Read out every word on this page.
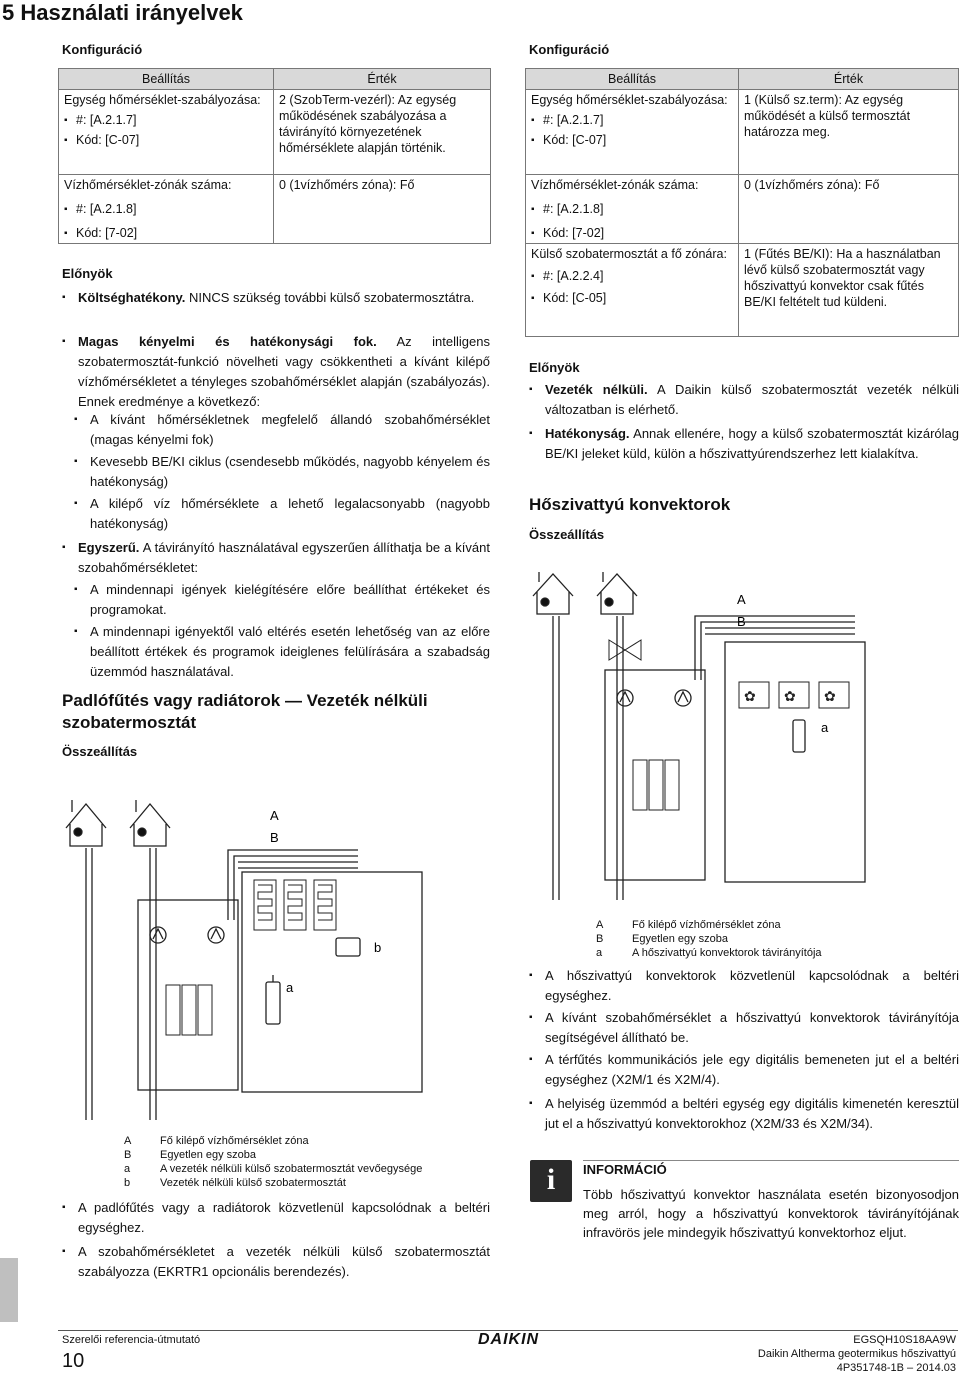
5 Használati irányelvek
Konfiguráció
Beállítás	Érték
Egység hőmérséklet-szabályozása:
▪ #: [A.2.1.7]
▪ Kód: [C-07]	2 (SzobTerm-vezérl): Az egység működésének szabályozása a távirányító környezetének hőmérséklete alapján történik.
Vízhőmérséklet-zónák száma:
▪ #: [A.2.1.8]
▪ Kód: [7-02]	0 (1vízhőmérs zóna): Fő
Előnyök
▪ Költséghatékony. NINCS szükség további külső szobatermosztátra.
▪ Magas kényelmi és hatékonysági fok. Az intelligens szobatermosztát-funkció növelheti vagy csökkentheti a kívánt kilépő vízhőmérsékletet a tényleges szobahőmérséklet alapján (szabályozás). Ennek eredménye a következő:
▪ A kívánt hőmérsékletnek megfelelő állandó szobahőmérséklet (magas kényelmi fok)
▪ Kevesebb BE/KI ciklus (csendesebb működés, nagyobb kényelem és hatékonyság)
▪ A kilépő víz hőmérséklete a lehető legalacsonyabb (nagyobb hatékonyság)
▪ Egyszerű. A távirányító használatával egyszerűen állíthatja be a kívánt szobahőmérsékletet:
▪ A mindennapi igények kielégítésére előre beállíthat értékeket és programokat.
▪ A mindennapi igényektől való eltérés esetén lehetőség van az előre beállított értékek és programok ideiglenes felülírására a szabadság üzemmód használatával.
Padlófűtés vagy radiátorok — Vezeték nélküli szobatermosztát
Összeállítás
A
B
b
a
A	Fő kilépő vízhőmérséklet zóna
B	Egyetlen egy szoba
a	A vezeték nélküli külső szobatermosztát vevőegysége
b	Vezeték nélküli külső szobatermosztát
▪ A padlófűtés vagy a radiátorok közvetlenül kapcsolódnak a beltéri egységhez.
▪ A szobahőmérsékletet a vezeték nélküli külső szobatermosztát szabályozza (EKRTR1 opcionális berendezés).
Konfiguráció
Beállítás	Érték
Egység hőmérséklet-szabályozása:
▪ #: [A.2.1.7]
▪ Kód: [C-07]	1 (Külső sz.term): Az egység működését a külső termosztát határozza meg.
Vízhőmérséklet-zónák száma:
▪ #: [A.2.1.8]
▪ Kód: [7-02]	0 (1vízhőmérs zóna): Fő
Külső szobatermosztát a fő zónára:
▪ #: [A.2.2.4]
▪ Kód: [C-05]	1 (Fűtés BE/KI): Ha a használatban lévő külső szobatermosztát vagy hőszivattyú konvektor csak fűtés BE/KI feltételt tud küldeni.
Előnyök
▪ Vezeték nélküli. A Daikin külső szobatermosztát vezeték nélküli változatban is elérhető.
▪ Hatékonyság. Annak ellenére, hogy a külső szobatermosztát kizárólag BE/KI jeleket küld, külön a hőszivattyúrendszerhez lett kialakítva.
Hőszivattyú konvektorok
Összeállítás
✿ ✿ ✿
A
B
a
A	Fő kilépő vízhőmérséklet zóna
B	Egyetlen egy szoba
a	A hőszivattyú konvektorok távirányítója
▪ A hőszivattyú konvektorok közvetlenül kapcsolódnak a beltéri egységhez.
▪ A kívánt szobahőmérséklet a hőszivattyú konvektorok távirányítója segítségével állítható be.
▪ A térfűtés kommunikációs jele egy digitális bemeneten jut el a beltéri egységhez (X2M/1 és X2M/4).
▪ A helyiség üzemmód a beltéri egység egy digitális kimenetén keresztül jut el a hőszivattyú konvektorokhoz (X2M/33 és X2M/34).
i	INFORMÁCIÓ
Több hőszivattyú konvektor használata esetén bizonyosodjon meg arról, hogy a hőszivattyú konvektorok távirányítójának infravörös jele mindegyik hőszivattyú konvektorhoz eljut.
Szerelői referencia-útmutató
10
DAIKIN	EGSQH10S18AA9W
Daikin Altherma geotermikus hőszivattyú
4P351748-1B – 2014.03
